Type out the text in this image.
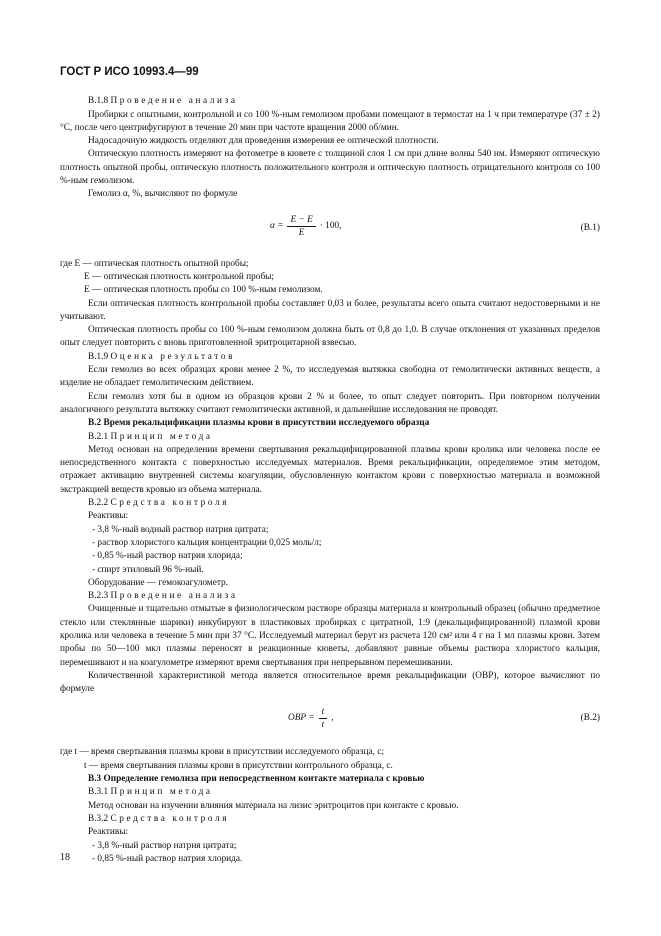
ГОСТ Р ИСО 10993.4—99

В.1.8 Проведение анализа

Пробирки с опытными, контрольной и со 100 %-ным гемолизом пробами помещают в термостат на 1 ч при температуре (37 ± 2) °С, после чего центрифугируют в течение 20 мин при частоте вращения 2000 об/мин.

Надосадочную жидкость отделяют для проведения измерения ее оптической плотности.

Оптическую плотность измеряют на фотометре в кювете с толщиной слоя 1 см при длине волны 540 нм. Измеряют оптическую плотность опытной пробы, оптическую плотность положительного контроля и оптическую плотность отрицательного контроля со 100 %-ным гемолизом.

Гемолиз α, %, вычисляют по формуле

$\alpha = \frac{E - E}{E} \cdot 100$,	(В.1)

где E — оптическая плотность опытной пробы;

E — оптическая плотность контрольной пробы;

E — оптическая плотность пробы со 100 %-ным гемолизом.

Если оптическая плотность контрольной пробы составляет 0,03 и более, результаты всего опыта считают недостоверными и не учитывают.

Оптическая плотность пробы со 100 %-ным гемолизом должна быть от 0,8 до 1,0. В случае отклонения от указанных пределов опыт следует повторить с вновь приготовленной эритроцитарной взвесью.

В.1.9 Оценка результатов

Если гемолиз во всех образцах крови менее 2 %, то исследуемая вытяжка свободна от гемолитически активных веществ, а изделие не обладает гемолитическим действием.

Если гемолиз хотя бы в одном из образцов крови 2 % и более, то опыт следует повторить. При повторном получении аналогичного результата вытяжку считают гемолитически активной, и дальнейшие исследования не проводят.

В.2 Время рекальцификации плазмы крови в присутствии исследуемого образца

В.2.1 Принцип метода

Метод основан на определении времени свертывания рекальцифицированной плазмы крови кролика или человека после ее непосредственного контакта с поверхностью исследуемых материалов. Время рекальцификации, определяемое этим методом, отражает активацию внутренней системы коагуляции, обусловленную контактом крови с поверхностью материала и возможной экстракцией веществ кровью из объема материала.

В.2.2 Средства контроля

Реактивы:

- 3,8 %-ный водный раствор натрия цитрата;

- раствор хлористого кальция концентрации 0,025 моль/л;

- 0,85 %-ный раствор натрия хлорида;

- спирт этиловый 96 %-ный.

Оборудование — гемокоагулометр.

В.2.3 Проведение анализа

Очищенные и тщательно отмытые в физиологическом растворе образцы материала и контрольный образец (обычно предметное стекло или стеклянные шарики) инкубируют в пластиковых пробирках с цитратной, 1:9 (декальцифицированной) плазмой крови кролика или человека в течение 5 мин при 37 °С. Исследуемый материал берут из расчета 120 см² или 4 г на 1 мл плазмы крови. Затем пробы по 50—100 мкл плазмы переносят в реакционные кюветы, добавляют равные объемы раствора хлористого кальция, перемешивают и на коагулометре измеряют время свертывания при непрерывном перемешивании.

Количественной характеристикой метода является относительное время рекальцификации (ОВР), которое вычисляют по формуле

ОВР = $\frac{t}{t}$ ,	(В.2)

где t — время свертывания плазмы крови в присутствии исследуемого образца, с;

t — время свертывания плазмы крови в присутствии контрольного образца, с.

В.3 Определение гемолиза при непосредственном контакте материала с кровью

В.3.1 Принцип метода

Метод основан на изучении влияния материала на лизис эритроцитов при контакте с кровью.

В.3.2 Средства контроля

Реактивы:

- 3,8 %-ный раствор натрия цитрата;

- 0,85 %-ный раствор натрия хлорида.

18
